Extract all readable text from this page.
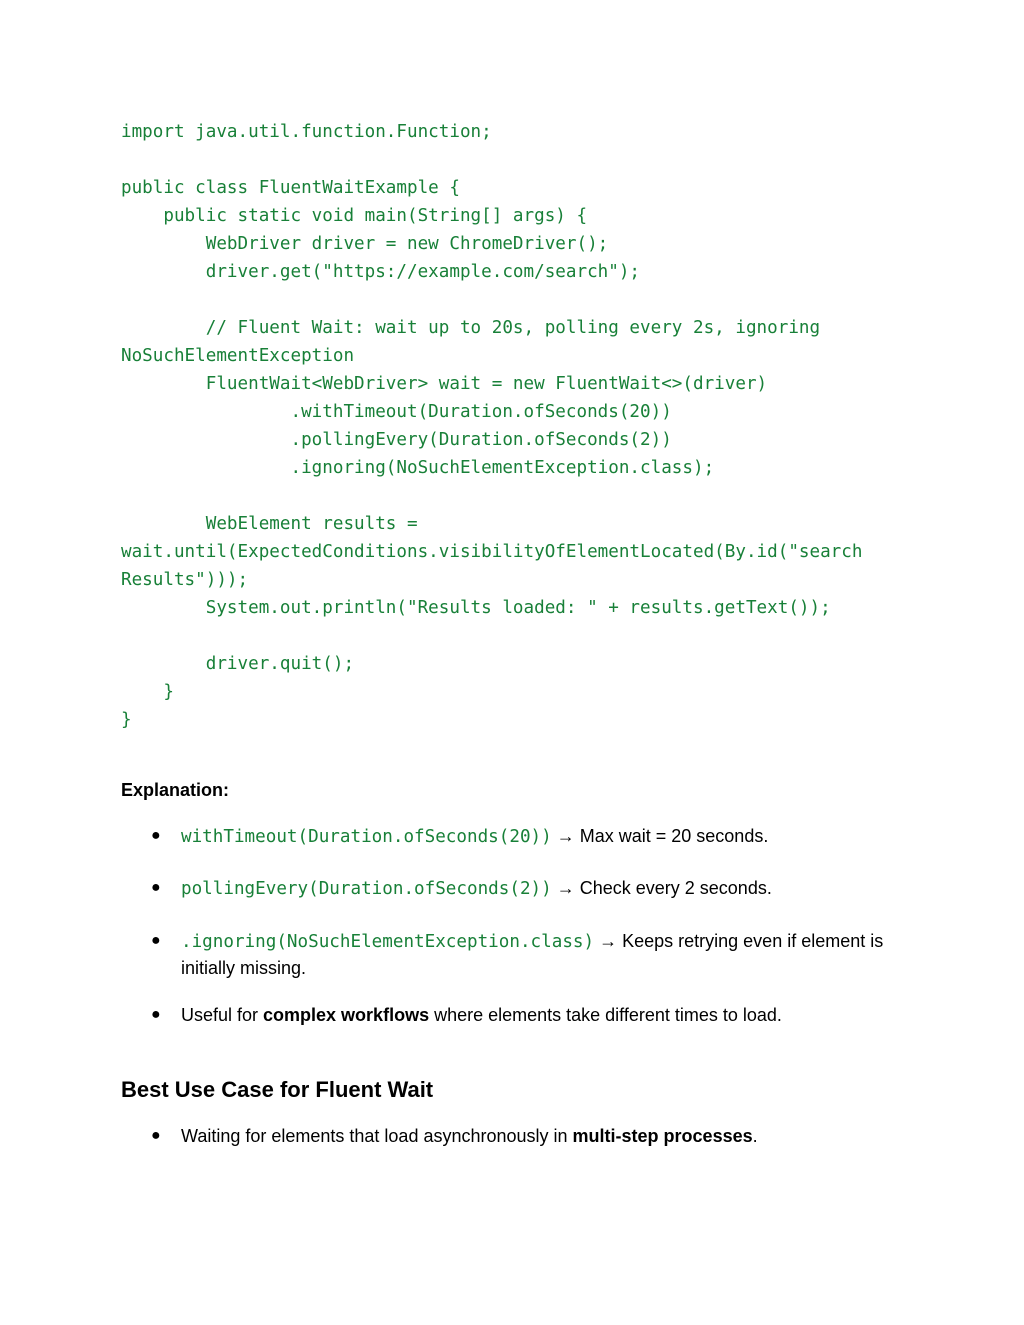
import java.util.function.Function;
public class FluentWaitExample {
public static void main(String[] args) {
WebDriver driver = new ChromeDriver();
driver.get("https://example.com/search");
// Fluent Wait: wait up to 20s, polling every 2s, ignoring
NoSuchElementException
FluentWait<WebDriver> wait = new FluentWait<>(driver)
.withTimeout(Duration.ofSeconds(20))
.pollingEvery(Duration.ofSeconds(2))
.ignoring(NoSuchElementException.class);
WebElement results =
wait.until(ExpectedConditions.visibilityOfElementLocated(By.id("search
Results")));
System.out.println("Results loaded: " + results.getText());
driver.quit();
}
}
Explanation:
● withTimeout(Duration.ofSeconds(20)) → Max wait = 20 seconds.
● pollingEvery(Duration.ofSeconds(2)) → Check every 2 seconds.
● .ignoring(NoSuchElementException.class) → Keeps retrying even if element is initially missing.
● Useful for complex workflows where elements take different times to load.
Best Use Case for Fluent Wait
● Waiting for elements that load asynchronously in multi-step processes.
